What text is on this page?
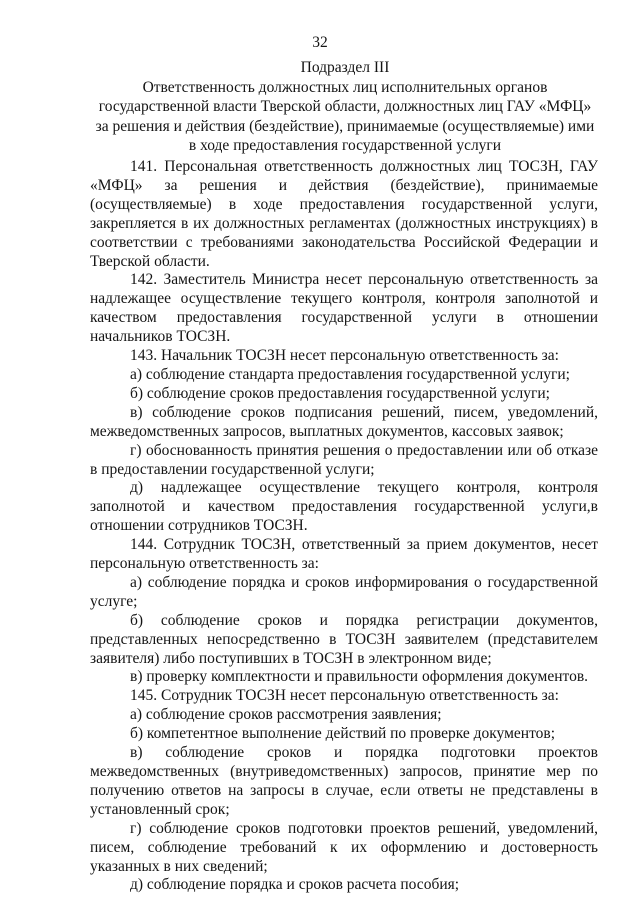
32
Подраздел III
Ответственность должностных лиц исполнительных органов государственной власти Тверской области, должностных лиц ГАУ «МФЦ» за решения и действия (бездействие), принимаемые (осуществляемые) ими в ходе предоставления государственной услуги

141. Персональная ответственность должностных лиц ТОСЗН, ГАУ «МФЦ» за решения и действия (бездействие), принимаемые (осуществляемые) в ходе предоставления государственной услуги, закрепляется в их должностных регламентах (должностных инструкциях) в соответствии с требованиями законодательства Российской Федерации и Тверской области.

142. Заместитель Министра несет персональную ответственность за надлежащее осуществление текущего контроля, контроля заполнотой и качеством предоставления государственной услуги в отношении начальников ТОСЗН.

143. Начальник ТОСЗН несет персональную ответственность за:

а) соблюдение стандарта предоставления государственной услуги;

б) соблюдение сроков предоставления государственной услуги;

в) соблюдение сроков подписания решений, писем, уведомлений, межведомственных запросов, выплатных документов, кассовых заявок;

г) обоснованность принятия решения о предоставлении или об отказе в предоставлении государственной услуги;

д) надлежащее осуществление текущего контроля, контроля заполнотой и качеством предоставления государственной услуги,в отношении сотрудников ТОСЗН.

144. Сотрудник ТОСЗН, ответственный за прием документов, несет персональную ответственность за:

а) соблюдение порядка и сроков информирования о государственной услуге;

б) соблюдение сроков и порядка регистрации документов, представленных непосредственно в ТОСЗН заявителем (представителем заявителя) либо поступивших в ТОСЗН в электронном виде;

в) проверку комплектности и правильности оформления документов.

145. Сотрудник ТОСЗН несет персональную ответственность за:

а) соблюдение сроков рассмотрения заявления;

б) компетентное выполнение действий по проверке документов;

в) соблюдение сроков и порядка подготовки проектов межведомственных (внутриведомственных) запросов, принятие мер по получению ответов на запросы в случае, если ответы не представлены в установленный срок;

г) соблюдение сроков подготовки проектов решений, уведомлений, писем, соблюдение требований к их оформлению и достоверность указанных в них сведений;

д) соблюдение порядка и сроков расчета пособия;
